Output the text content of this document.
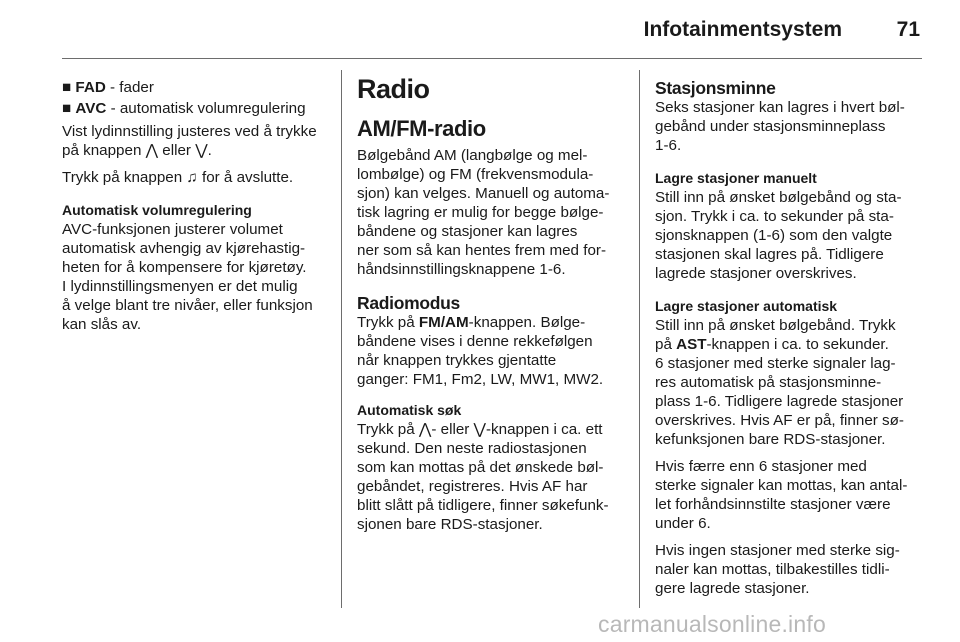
Infotainmentsystem	71
■ FAD - fader
■ AVC - automatisk volumregulering

Vist lydinnstilling justeres ved å trykke
på knappen ⋀ eller ⋁.

Trykk på knappen ♫ for å avslutte.

Automatisk volumregulering

AVC-funksjonen justerer volumet
automatisk avhengig av kjørehastig-
heten for å kompensere for kjøretøy.
I lydinnstillingsmenyen er det mulig
å velge blant tre nivåer, eller funksjon
kan slås av.

Radio
AM/FM-radio

Bølgebånd AM (langbølge og mel-
lombølge) og FM (frekvensmodula-
sjon) kan velges. Manuell og automa-
tisk lagring er mulig for begge bølge-
båndene og stasjoner kan lagres
ner som så kan hentes frem med for-
håndsinnstillingsknappene 1-6.

Radiomodus

Trykk på FM/AM-knappen. Bølge-
båndene vises i denne rekkefølgen
når knappen trykkes gjentatte
ganger: FM1, Fm2, LW, MW1, MW2.

Automatisk søk

Trykk på ⋀- eller ⋁-knappen i ca. ett
sekund. Den neste radiostasjonen
som kan mottas på det ønskede bøl-
gebåndet, registreres. Hvis AF har
blitt slått på tidligere, finner søkefunk-
sjonen bare RDS-stasjoner.

Stasjonsminne

Seks stasjoner kan lagres i hvert bøl-
gebånd under stasjonsminneplass
1-6.

Lagre stasjoner manuelt

Still inn på ønsket bølgebånd og sta-
sjon. Trykk i ca. to sekunder på sta-
sjonsknappen (1-6) som den valgte
stasjonen skal lagres på. Tidligere
lagrede stasjoner overskrives.

Lagre stasjoner automatisk

Still inn på ønsket bølgebånd. Trykk
på AST-knappen i ca. to sekunder.
6 stasjoner med sterke signaler lag-
res automatisk på stasjonsminne-
plass 1-6. Tidligere lagrede stasjoner
overskrives. Hvis AF er på, finner sø-
kefunksjonen bare RDS-stasjoner.

Hvis færre enn 6 stasjoner med
sterke signaler kan mottas, kan antal-
let forhåndsinnstilte stasjoner være
under 6.

Hvis ingen stasjoner med sterke sig-
naler kan mottas, tilbakestilles tidli-
gere lagrede stasjoner.

carmanualsonline.info
